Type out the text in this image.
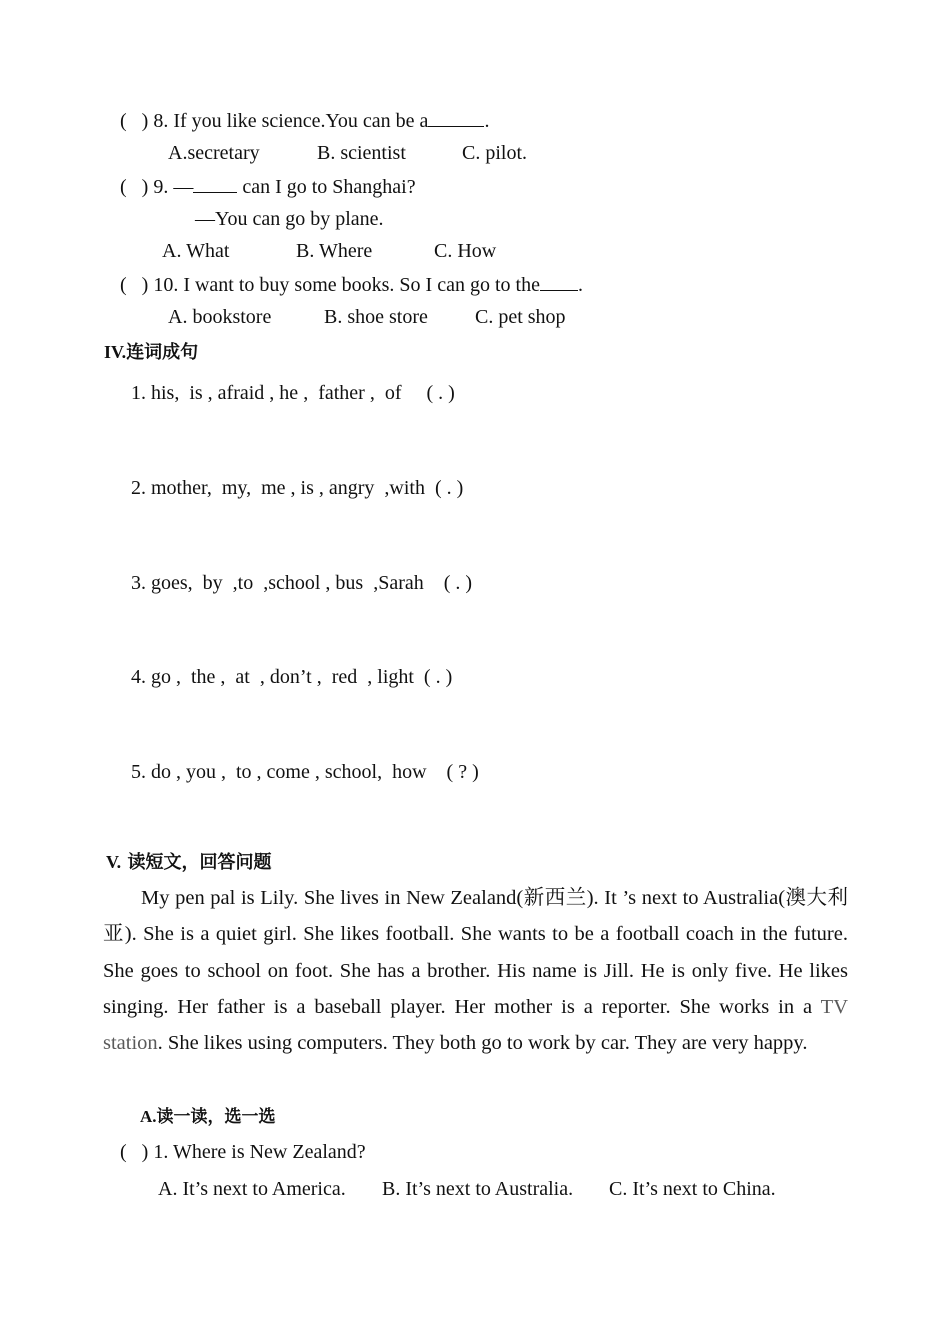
(   ) 8. If you like science.You can be a	.
A.secretary	B. scientist	C. pilot.
(   ) 9. — can I go to Shanghai?
—You can go by plane.
A. What	B. Where	C. How
(   ) 10. I want to buy some books. So I can go to the .
A. bookstore	B. shoe store C. pet shop
IV.连词成句
1. his,  is , afraid , he ,  father ,  of     ( . )
2. mother,  my,  me , is , angry  ,with  ( . )
3. goes,  by  ,to  ,school , bus  ,Sarah    ( . )
4. go ,  the ,  at  , don’t ,  red  , light  ( . )
5. do , you ,  to , come , school,  how    ( ? )
V. 读短文，回答问题
My pen pal is Lily. She lives in New Zealand(新西兰). It ’s next to Australia(澳大利亚). She is a quiet girl. She likes football. She wants to be a football coach in the future. She goes to school on foot. She has a brother. His name is Jill. He is only five. He likes singing. Her father is a baseball player. Her mother is a reporter. She works in a TV station. She likes using computers. They both go to work by car. They are very happy.
A.读一读，选一选
(   ) 1. Where is New Zealand?
A. It’s next to America. B. It’s next to Australia. C. It’s next to China.
